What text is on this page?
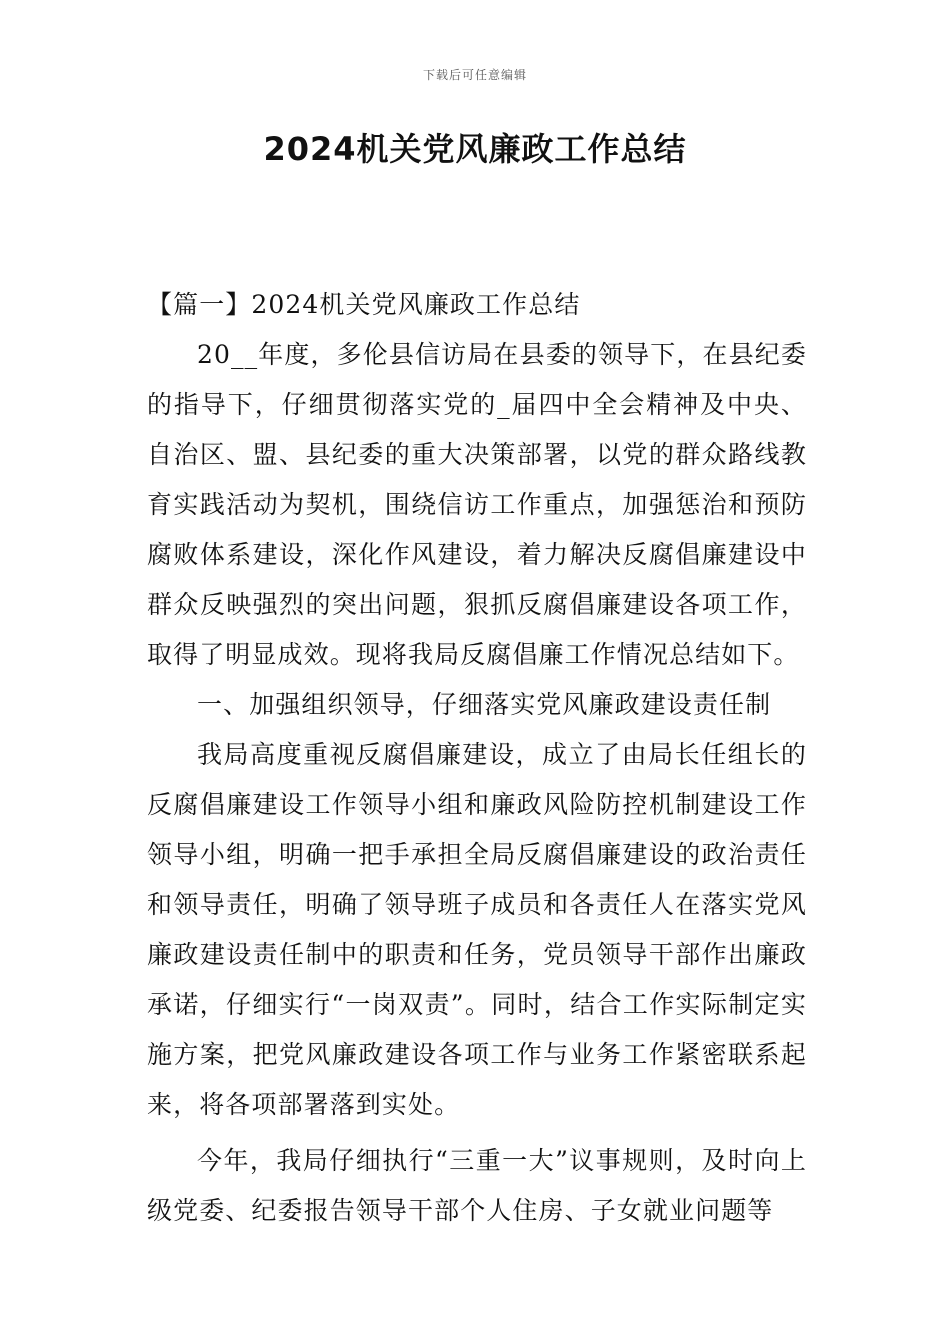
下载后可任意编辑
2024机关党风廉政工作总结

【篇一】2024机关党风廉政工作总结

20__年度，多伦县信访局在县委的领导下，在县纪委的指导下，仔细贯彻落实党的_届四中全会精神及中央、自治区、盟、县纪委的重大决策部署，以党的群众路线教育实践活动为契机，围绕信访工作重点，加强惩治和预防腐败体系建设，深化作风建设，着力解决反腐倡廉建设中群众反映强烈的突出问题，狠抓反腐倡廉建设各项工作，取得了明显成效。现将我局反腐倡廉工作情况总结如下。

一、加强组织领导，仔细落实党风廉政建设责任制

我局高度重视反腐倡廉建设，成立了由局长任组长的反腐倡廉建设工作领导小组和廉政风险防控机制建设工作领导小组，明确一把手承担全局反腐倡廉建设的政治责任和领导责任，明确了领导班子成员和各责任人在落实党风廉政建设责任制中的职责和任务，党员领导干部作出廉政承诺，仔细实行“一岗双责”。同时，结合工作实际制定实施方案，把党风廉政建设各项工作与业务工作紧密联系起来，将各项部署落到实处。

今年，我局仔细执行“三重一大”议事规则，及时向上级党委、纪委报告领导干部个人住房、子女就业问题等
